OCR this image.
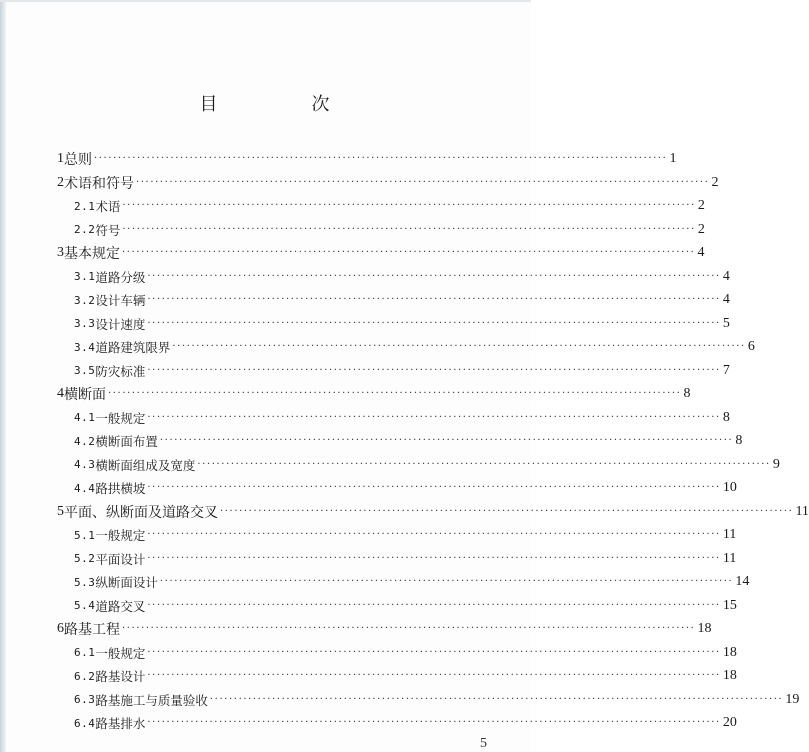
目　次
1 总则 ························································································································ 1
2 术语和符号 ························································································································ 2
2.1 术语 ························································································································ 2
2.2 符号 ························································································································ 2
3 基本规定 ························································································································ 4
3.1 道路分级 ························································································································ 4
3.2 设计车辆 ························································································································ 4
3.3 设计速度 ························································································································ 5
3.4 道路建筑限界 ························································································································ 6
3.5 防灾标准 ························································································································ 7
4 横断面 ························································································································ 8
4.1 一般规定 ························································································································ 8
4.2 横断面布置 ························································································································ 8
4.3 横断面组成及宽度 ························································································································ 9
4.4 路拱横坡 ························································································································ 10
5 平面、纵断面及道路交叉 ························································································································ 11
5.1 一般规定 ························································································································ 11
5.2 平面设计 ························································································································ 11
5.3 纵断面设计 ························································································································ 14
5.4 道路交叉 ························································································································ 15
6 路基工程 ························································································································ 18
6.1 一般规定 ························································································································ 18
6.2 路基设计 ························································································································ 18
6.3 路基施工与质量验收 ························································································································ 19
6.4 路基排水 ························································································································ 20
5
